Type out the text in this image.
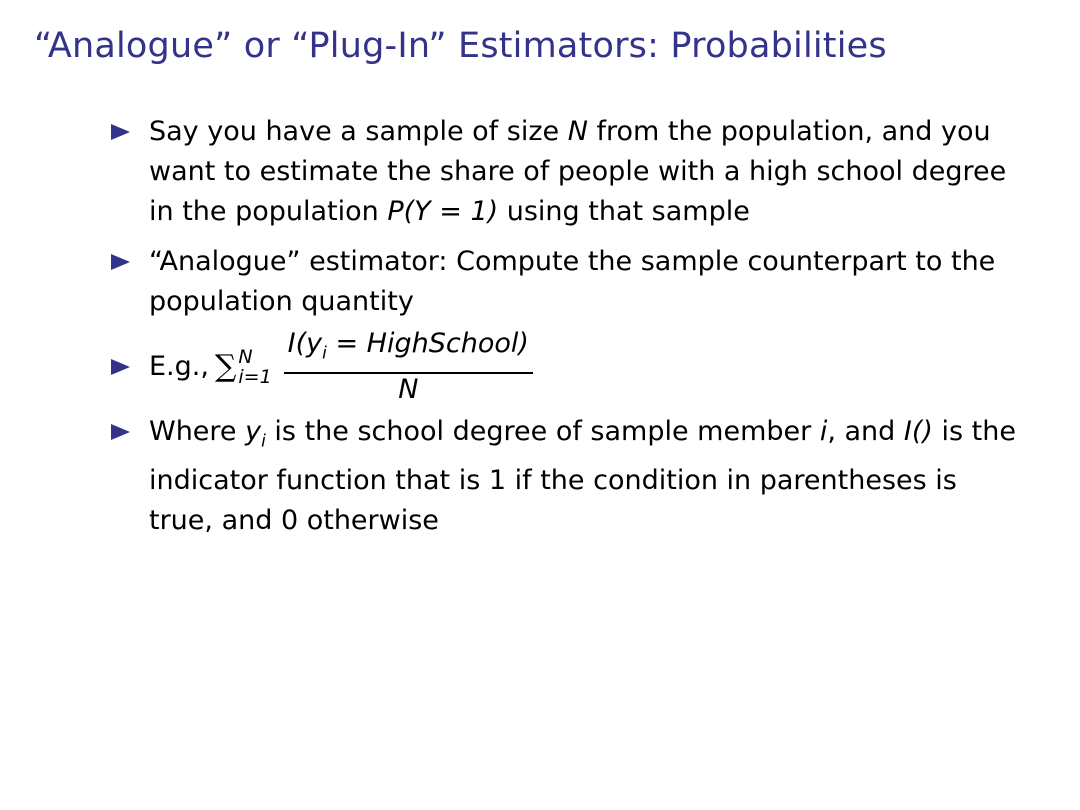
“Analogue” or “Plug-In” Estimators: Probabilities
Say you have a sample of size N from the population, and you want to estimate the share of people with a high school degree in the population P(Y = 1) using that sample
“Analogue” estimator: Compute the sample counterpart to the population quantity
E.g., ∑ N
$i=1 \frac{I(y_i = HighSchool)}{N}$
Where $y_i$ is the school degree of sample member i, and I() is the indicator function that is 1 if the condition in parentheses is true, and 0 otherwise
